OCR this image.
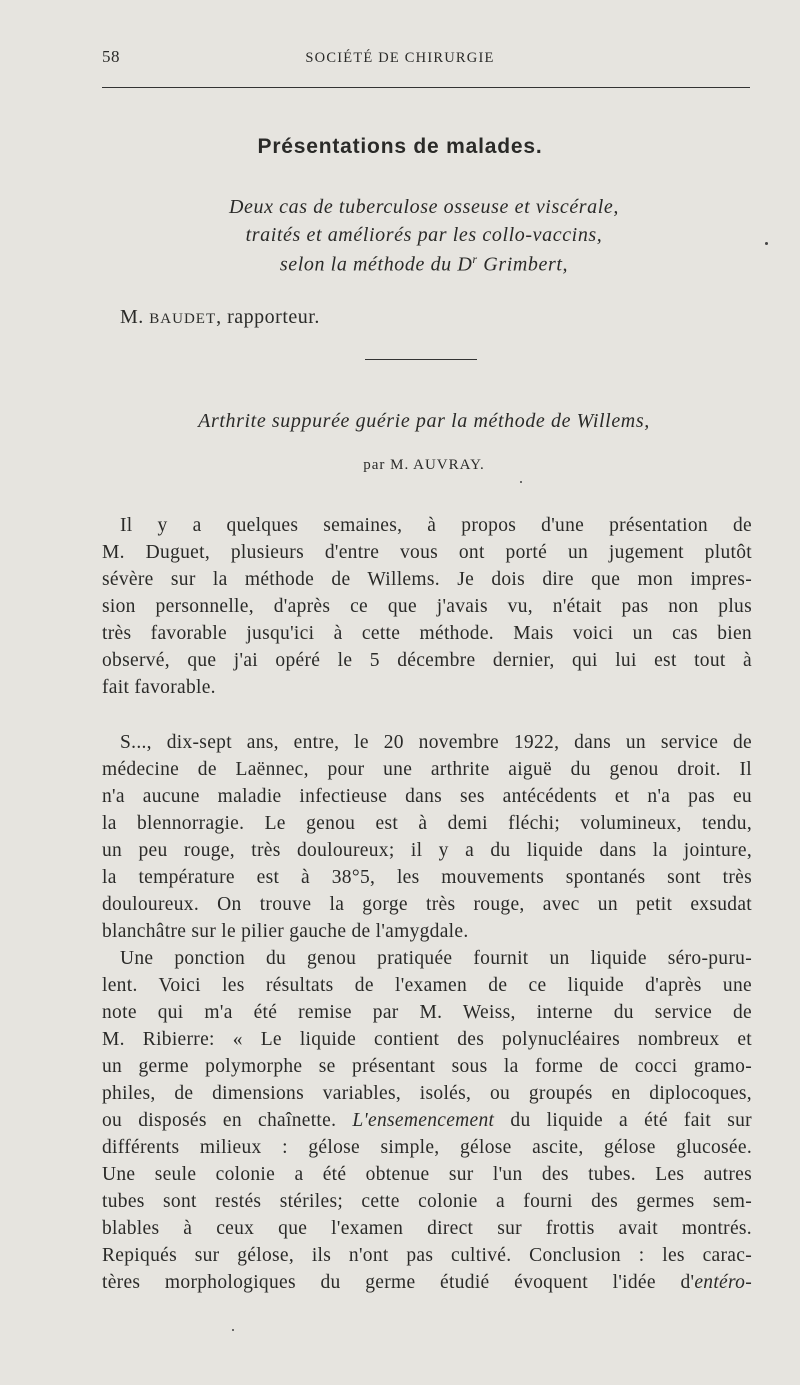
58	SOCIÉTÉ DE CHIRURGIE
Présentations de malades.
Deux cas de tuberculose osseuse et viscérale,
traités et améliorés par les collo-vaccins,
selon la méthode du $D^r$ Grimbert,
M. BAUDET, rapporteur.
Arthrite suppurée guérie par la méthode de Willems,
par M. AUVRAY.
Il y a quelques semaines, à propos d'une présentation de
M. Duguet, plusieurs d'entre vous ont porté un jugement plutôt
sévère sur la méthode de Willems. Je dois dire que mon impres-
sion personnelle, d'après ce que j'avais vu, n'était pas non plus
très favorable jusqu'ici à cette méthode. Mais voici un cas bien
observé, que j'ai opéré le 5 décembre dernier, qui lui est tout à
fait favorable.
S..., dix-sept ans, entre, le 20 novembre 1922, dans un service de
médecine de Laënnec, pour une arthrite aiguë du genou droit. Il
n'a aucune maladie infectieuse dans ses antécédents et n'a pas eu
la blennorragie. Le genou est à demi fléchi; volumineux, tendu,
un peu rouge, très douloureux; il y a du liquide dans la jointure,
la température est à 38°5, les mouvements spontanés sont très
douloureux. On trouve la gorge très rouge, avec un petit exsudat
blanchâtre sur le pilier gauche de l'amygdale.
Une ponction du genou pratiquée fournit un liquide séro-puru-
lent. Voici les résultats de l'examen de ce liquide d'après une
note qui m'a été remise par M. Weiss, interne du service de
M. Ribierre: « Le liquide contient des polynucléaires nombreux et
un germe polymorphe se présentant sous la forme de cocci gramo-
philes, de dimensions variables, isolés, ou groupés en diplocoques,
ou disposés en chaînette. L'ensemencement du liquide a été fait sur
différents milieux : gélose simple, gélose ascite, gélose glucosée.
Une seule colonie a été obtenue sur l'un des tubes. Les autres
tubes sont restés stériles; cette colonie a fourni des germes sem-
blables à ceux que l'examen direct sur frottis avait montrés.
Repiqués sur gélose, ils n'ont pas cultivé. Conclusion : les carac-
tères morphologiques du germe étudié évoquent l'idée d'entéro-
